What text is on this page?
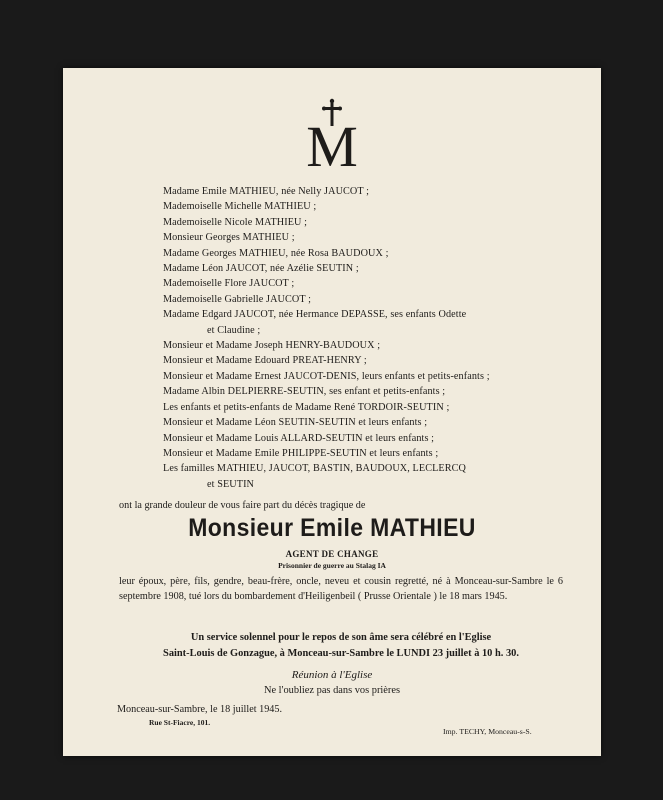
M
Madame Emile MATHIEU, née Nelly JAUCOT ;
Mademoiselle Michelle MATHIEU ;
Mademoiselle Nicole MATHIEU ;
Monsieur Georges MATHIEU ;
Madame Georges MATHIEU, née Rosa BAUDOUX ;
Madame Léon JAUCOT, née Azélie SEUTIN ;
Mademoiselle Flore JAUCOT ;
Mademoiselle Gabrielle JAUCOT ;
Madame Edgard JAUCOT, née Hermance DEPASSE, ses enfants Odette
et Claudine ;
Monsieur et Madame Joseph HENRY-BAUDOUX ;
Monsieur et Madame Edouard PREAT-HENRY ;
Monsieur et Madame Ernest JAUCOT-DENIS, leurs enfants et petits-enfants ;
Madame Albin DELPIERRE-SEUTIN, ses enfant et petits-enfants ;
Les enfants et petits-enfants de Madame René TORDOIR-SEUTIN ;
Monsieur et Madame Léon SEUTIN-SEUTIN et leurs enfants ;
Monsieur et Madame Louis ALLARD-SEUTIN et leurs enfants ;
Monsieur et Madame Emile PHILIPPE-SEUTIN et leurs enfants ;
Les familles MATHIEU, JAUCOT, BASTIN, BAUDOUX, LECLERCQ
et SEUTIN
ont la grande douleur de vous faire part du décès tragique de
Monsieur Emile MATHIEU
AGENT DE CHANGE
Prisonnier de guerre au Stalag IA
leur époux, père, fils, gendre, beau-frère, oncle, neveu et cousin regretté, né à Monceau-sur-Sambre le 6 septembre 1908, tué lors du bombardement d'Heiligenbeil ( Prusse Orientale ) le 18 mars 1945.
Un service solennel pour le repos de son âme sera célébré en l'Eglise
Saint-Louis de Gonzague, à Monceau-sur-Sambre le LUNDI 23 juillet à 10 h. 30.
Réunion à l'Eglise
Ne l'oubliez pas dans vos prières
Monceau-sur-Sambre, le 18 juillet 1945.
Rue St-Fiacre, 101.
Imp. TECHY, Monceau-s-S.
